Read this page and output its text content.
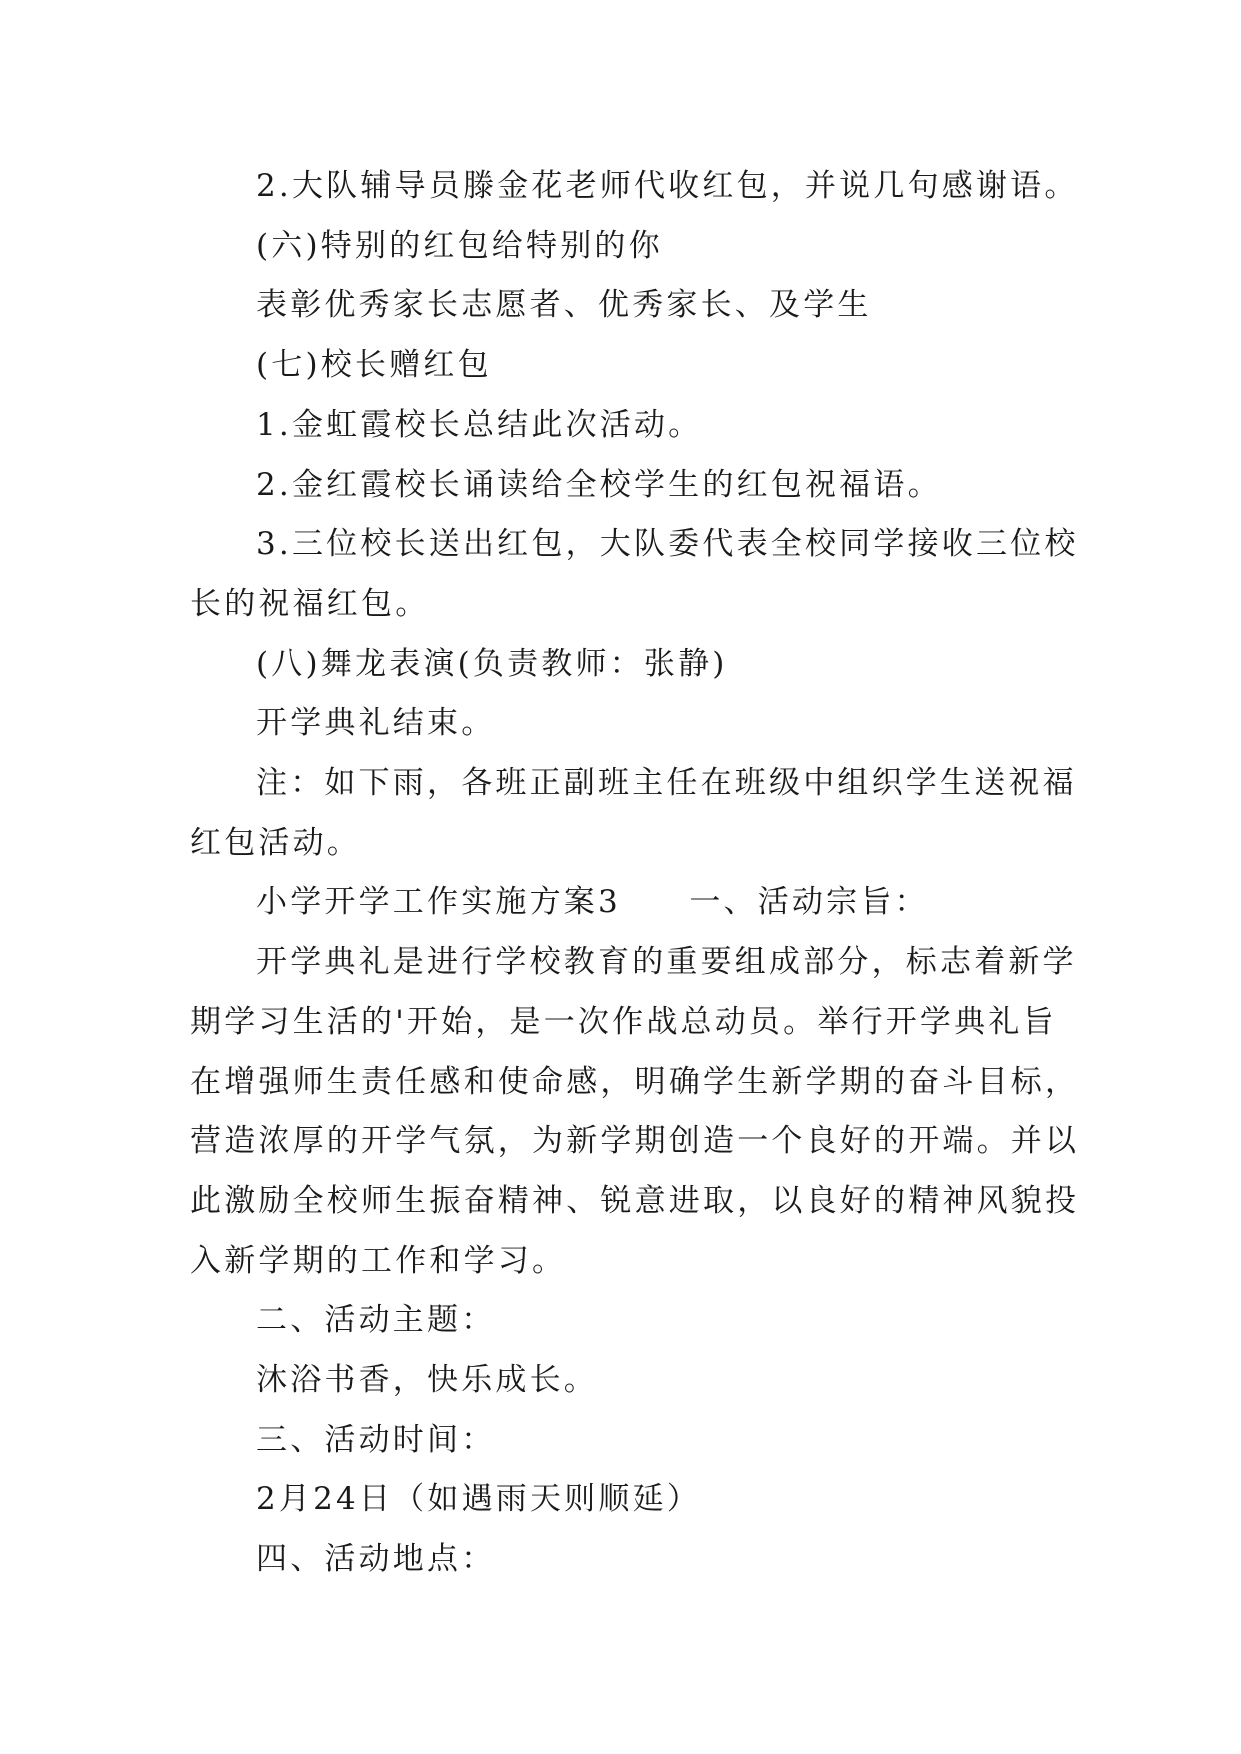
2.大队辅导员滕金花老师代收红包，并说几句感谢语。

(六)特别的红包给特别的你

表彰优秀家长志愿者、优秀家长、及学生

(七)校长赠红包

1.金虹霞校长总结此次活动。

2.金红霞校长诵读给全校学生的红包祝福语。

3.三位校长送出红包，大队委代表全校同学接收三位校
长的祝福红包。

(八)舞龙表演(负责教师：张静)

开学典礼结束。

注：如下雨，各班正副班主任在班级中组织学生送祝福
红包活动。

小学开学工作实施方案3　　一、活动宗旨：

开学典礼是进行学校教育的重要组成部分，标志着新学
期学习生活的'开始，是一次作战总动员。举行开学典礼旨
在增强师生责任感和使命感，明确学生新学期的奋斗目标，
营造浓厚的开学气氛，为新学期创造一个良好的开端。并以
此激励全校师生振奋精神、锐意进取，以良好的精神风貌投
入新学期的工作和学习。

二、活动主题：

沐浴书香，快乐成长。

三、活动时间：

2月24日（如遇雨天则顺延）

四、活动地点：
